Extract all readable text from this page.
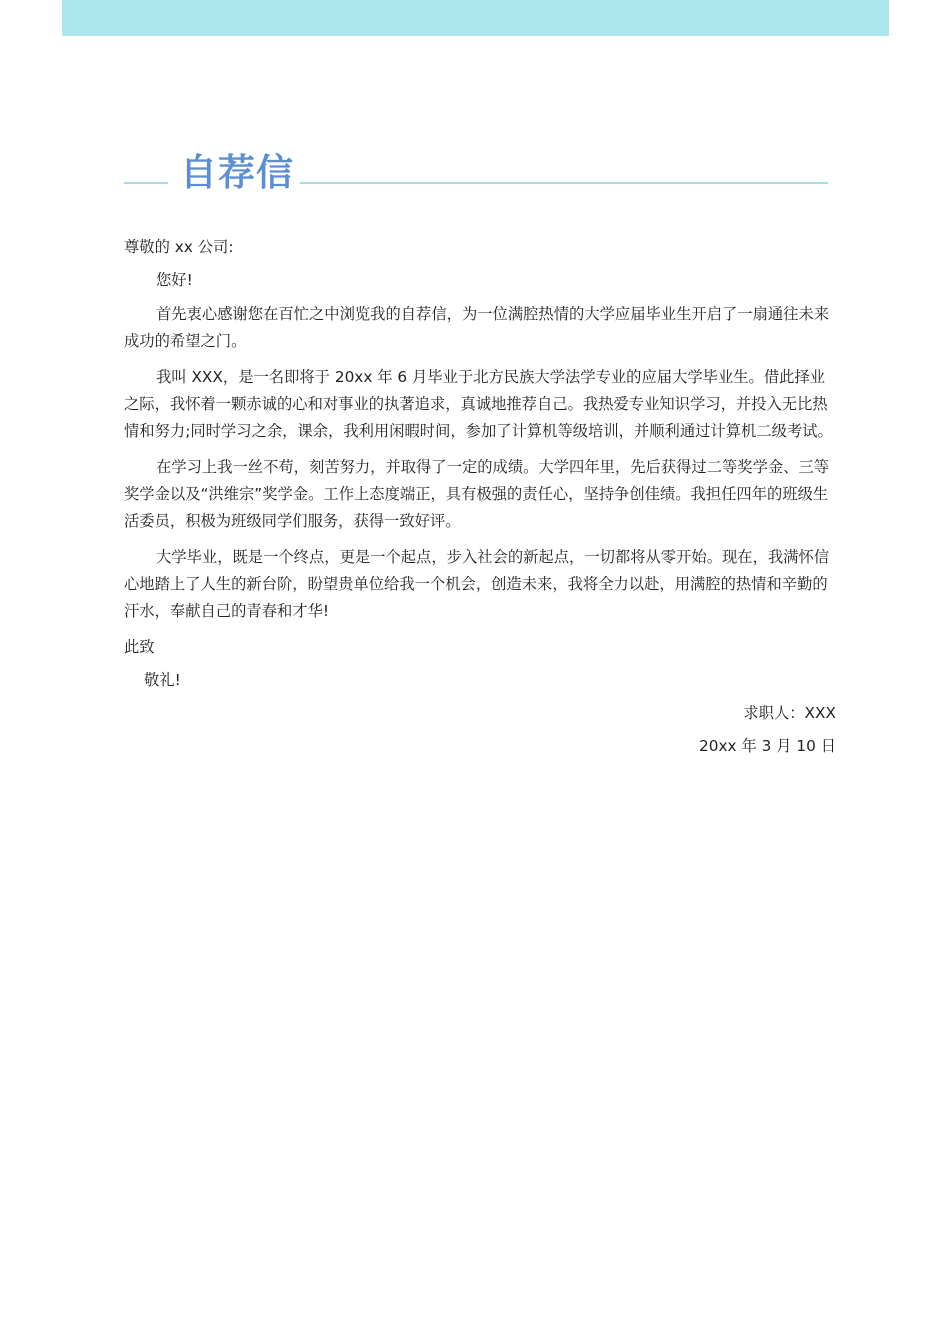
自荐信

尊敬的 xx 公司:

您好!

首先衷心感谢您在百忙之中浏览我的自荐信，为一位满腔热情的大学应届毕业生开启了一扇通往未来成功的希望之门。

我叫 XXX，是一名即将于 20xx 年 6 月毕业于北方民族大学法学专业的应届大学毕业生。借此择业之际，我怀着一颗赤诚的心和对事业的执著追求，真诚地推荐自己。我热爱专业知识学习，并投入无比热情和努力;同时学习之余，课余，我利用闲暇时间，参加了计算机等级培训，并顺利通过计算机二级考试。

在学习上我一丝不苟，刻苦努力，并取得了一定的成绩。大学四年里，先后获得过二等奖学金、三等奖学金以及“洪维宗”奖学金。工作上态度端正，具有极强的责任心，坚持争创佳绩。我担任四年的班级生活委员，积极为班级同学们服务，获得一致好评。

大学毕业，既是一个终点，更是一个起点，步入社会的新起点，一切都将从零开始。现在，我满怀信心地踏上了人生的新台阶，盼望贵单位给我一个机会，创造未来，我将全力以赴，用满腔的热情和辛勤的汗水，奉献自己的青春和才华!

此致

敬礼!

求职人：XXX

20xx 年 3 月 10 日
